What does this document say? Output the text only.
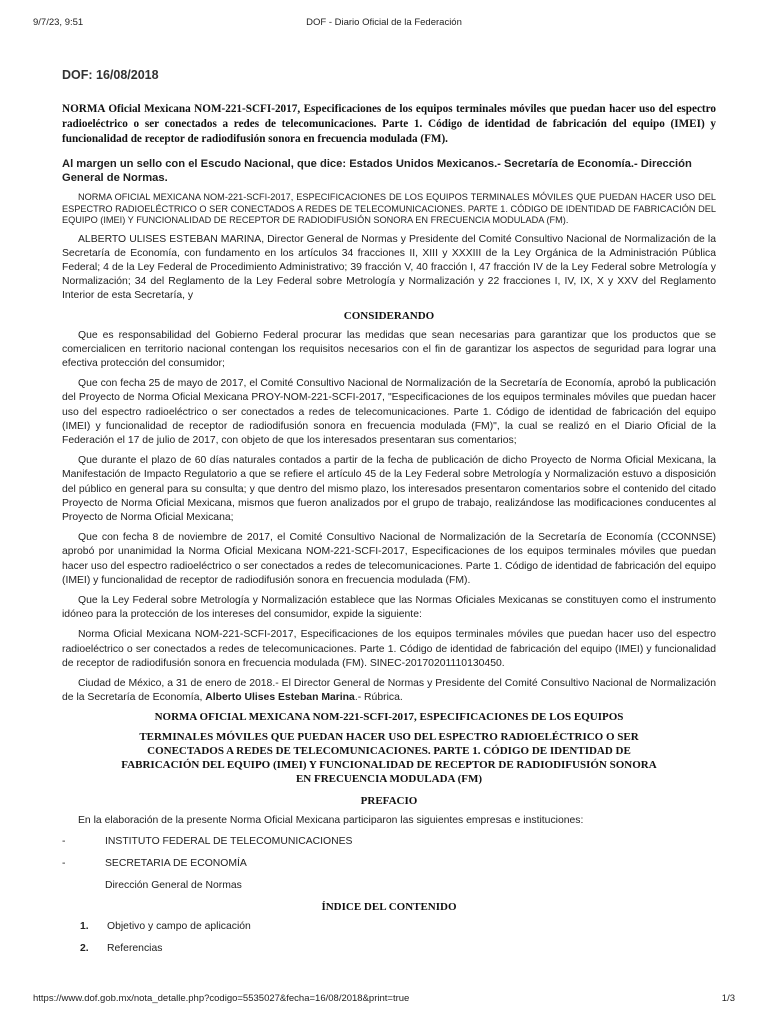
9/7/23, 9:51	DOF - Diario Oficial de la Federación
DOF: 16/08/2018
NORMA Oficial Mexicana NOM-221-SCFI-2017, Especificaciones de los equipos terminales móviles que puedan hacer uso del espectro radioeléctrico o ser conectados a redes de telecomunicaciones. Parte 1. Código de identidad de fabricación del equipo (IMEI) y funcionalidad de receptor de radiodifusión sonora en frecuencia modulada (FM).
Al margen un sello con el Escudo Nacional, que dice: Estados Unidos Mexicanos.- Secretaría de Economía.- Dirección General de Normas.
NORMA OFICIAL MEXICANA NOM-221-SCFI-2017, ESPECIFICACIONES DE LOS EQUIPOS TERMINALES MÓVILES QUE PUEDAN HACER USO DEL ESPECTRO RADIOELÉCTRICO O SER CONECTADOS A REDES DE TELECOMUNICACIONES. PARTE 1. CÓDIGO DE IDENTIDAD DE FABRICACIÓN DEL EQUIPO (IMEI) Y FUNCIONALIDAD DE RECEPTOR DE RADIODIFUSIÓN SONORA EN FRECUENCIA MODULADA (FM).

ALBERTO ULISES ESTEBAN MARINA, Director General de Normas y Presidente del Comité Consultivo Nacional de Normalización de la Secretaría de Economía, con fundamento en los artículos 34 fracciones II, XIII y XXXIII de la Ley Orgánica de la Administración Pública Federal; 4 de la Ley Federal de Procedimiento Administrativo; 39 fracción V, 40 fracción I, 47 fracción IV de la Ley Federal sobre Metrología y Normalización; 34 del Reglamento de la Ley Federal sobre Metrología y Normalización y 22 fracciones I, IV, IX, X y XXV del Reglamento Interior de esta Secretaría, y

CONSIDERANDO

Que es responsabilidad del Gobierno Federal procurar las medidas que sean necesarias para garantizar que los productos que se comercialicen en territorio nacional contengan los requisitos necesarios con el fin de garantizar los aspectos de seguridad para lograr una efectiva protección del consumidor;

Que con fecha 25 de mayo de 2017, el Comité Consultivo Nacional de Normalización de la Secretaría de Economía, aprobó la publicación del Proyecto de Norma Oficial Mexicana PROY-NOM-221-SCFI-2017, "Especificaciones de los equipos terminales móviles que puedan hacer uso del espectro radioeléctrico o ser conectados a redes de telecomunicaciones. Parte 1. Código de identidad de fabricación del equipo (IMEI) y funcionalidad de receptor de radiodifusión sonora en frecuencia modulada (FM)", la cual se realizó en el Diario Oficial de la Federación el 17 de julio de 2017, con objeto de que los interesados presentaran sus comentarios;

Que durante el plazo de 60 días naturales contados a partir de la fecha de publicación de dicho Proyecto de Norma Oficial Mexicana, la Manifestación de Impacto Regulatorio a que se refiere el artículo 45 de la Ley Federal sobre Metrología y Normalización estuvo a disposición del público en general para su consulta; y que dentro del mismo plazo, los interesados presentaron comentarios sobre el contenido del citado Proyecto de Norma Oficial Mexicana, mismos que fueron analizados por el grupo de trabajo, realizándose las modificaciones conducentes al Proyecto de Norma Oficial Mexicana;

Que con fecha 8 de noviembre de 2017, el Comité Consultivo Nacional de Normalización de la Secretaría de Economía (CCONNSE) aprobó por unanimidad la Norma Oficial Mexicana NOM-221-SCFI-2017, Especificaciones de los equipos terminales móviles que puedan hacer uso del espectro radioeléctrico o ser conectados a redes de telecomunicaciones. Parte 1. Código de identidad de fabricación del equipo (IMEI) y funcionalidad de receptor de radiodifusión sonora en frecuencia modulada (FM).

Que la Ley Federal sobre Metrología y Normalización establece que las Normas Oficiales Mexicanas se constituyen como el instrumento idóneo para la protección de los intereses del consumidor, expide la siguiente:

Norma Oficial Mexicana NOM-221-SCFI-2017, Especificaciones de los equipos terminales móviles que puedan hacer uso del espectro radioeléctrico o ser conectados a redes de telecomunicaciones. Parte 1. Código de identidad de fabricación del equipo (IMEI) y funcionalidad de receptor de radiodifusión sonora en frecuencia modulada (FM). SINEC-20170201110130450.

Ciudad de México, a 31 de enero de 2018.- El Director General de Normas y Presidente del Comité Consultivo Nacional de Normalización de la Secretaría de Economía, Alberto Ulises Esteban Marina.- Rúbrica.

NORMA OFICIAL MEXICANA NOM-221-SCFI-2017, ESPECIFICACIONES DE LOS EQUIPOS
TERMINALES MÓVILES QUE PUEDAN HACER USO DEL ESPECTRO RADIOELÉCTRICO O SER CONECTADOS A REDES DE TELECOMUNICACIONES. PARTE 1. CÓDIGO DE IDENTIDAD DE FABRICACIÓN DEL EQUIPO (IMEI) Y FUNCIONALIDAD DE RECEPTOR DE RADIODIFUSIÓN SONORA EN FRECUENCIA MODULADA (FM)
PREFACIO

En la elaboración de la presente Norma Oficial Mexicana participaron las siguientes empresas e instituciones:

-	INSTITUTO FEDERAL DE TELECOMUNICACIONES
-	SECRETARIA DE ECONOMÍA
Dirección General de Normas
ÍNDICE DEL CONTENIDO
1. Objetivo y campo de aplicación
2. Referencias
https://www.dof.gob.mx/nota_detalle.php?codigo=5535027&fecha=16/08/2018&print=true	1/3
